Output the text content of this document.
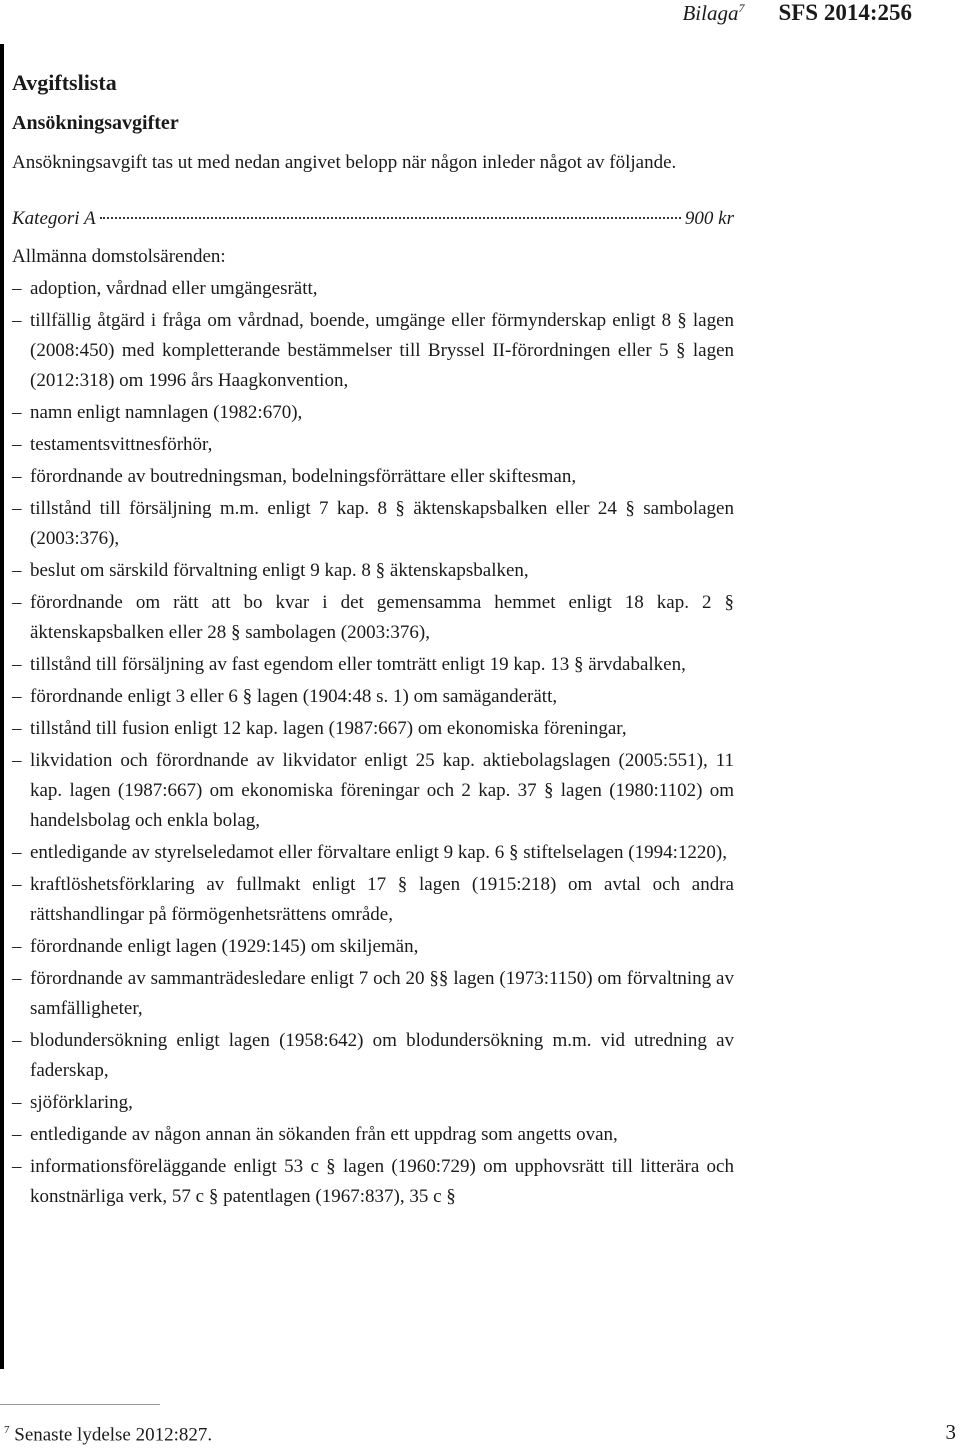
Bilaga$^7$ SFS 2014:256
Avgiftslista
Ansökningsavgifter

Ansökningsavgift tas ut med nedan angivet belopp när någon inleder något av följande.

Kategori A	900 kr
Allmänna domstolsärenden:
– adoption, vårdnad eller umgängesrätt,
– tillfällig åtgärd i fråga om vårdnad, boende, umgänge eller förmynderskap enligt 8 § lagen (2008:450) med kompletterande bestämmelser till Bryssel II-förordningen eller 5 § lagen (2012:318) om 1996 års Haagkonvention,
– namn enligt namnlagen (1982:670),
– testamentsvittnesförhör,
– förordnande av boutredningsman, bodelningsförrättare eller skiftesman,
– tillstånd till försäljning m.m. enligt 7 kap. 8 § äktenskapsbalken eller 24 § sambolagen (2003:376),
– beslut om särskild förvaltning enligt 9 kap. 8 § äktenskapsbalken,
– förordnande om rätt att bo kvar i det gemensamma hemmet enligt 18 kap. 2 § äktenskapsbalken eller 28 § sambolagen (2003:376),
– tillstånd till försäljning av fast egendom eller tomträtt enligt 19 kap. 13 § ärvdabalken,
– förordnande enligt 3 eller 6 § lagen (1904:48 s. 1) om samäganderätt,
– tillstånd till fusion enligt 12 kap. lagen (1987:667) om ekonomiska föreningar,
– likvidation och förordnande av likvidator enligt 25 kap. aktiebolagslagen (2005:551), 11 kap. lagen (1987:667) om ekonomiska föreningar och 2 kap. 37 § lagen (1980:1102) om handelsbolag och enkla bolag,
– entledigande av styrelseledamot eller förvaltare enligt 9 kap. 6 § stiftelselagen (1994:1220),
– kraftlöshetsförklaring av fullmakt enligt 17 § lagen (1915:218) om avtal och andra rättshandlingar på förmögenhetsrättens område,
– förordnande enligt lagen (1929:145) om skiljemän,
– förordnande av sammanträdesledare enligt 7 och 20 §§ lagen (1973:1150) om förvaltning av samfälligheter,
– blodundersökning enligt lagen (1958:642) om blodundersökning m.m. vid utredning av faderskap,
– sjöförklaring,
– entledigande av någon annan än sökanden från ett uppdrag som angetts ovan,
– informationsföreläggande enligt 53 c § lagen (1960:729) om upphovsrätt till litterära och konstnärliga verk, 57 c § patentlagen (1967:837), 35 c §
$^7$ Senaste lydelse 2012:827.	3
